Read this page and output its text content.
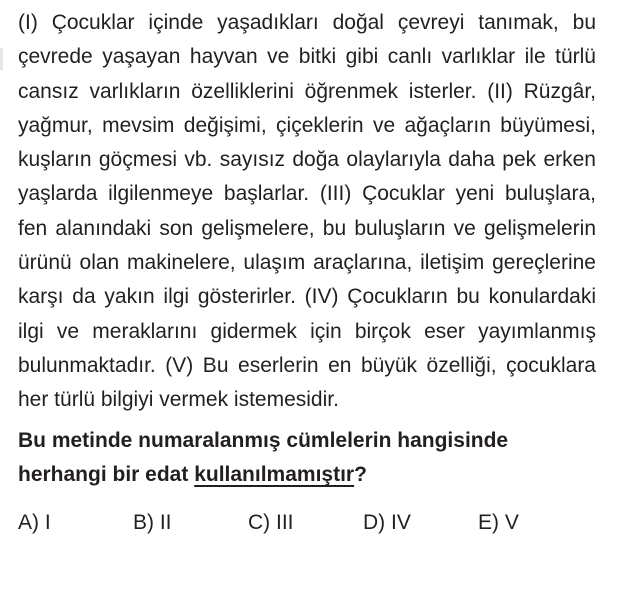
(I) Çocuklar içinde yaşadıkları doğal çevreyi tanımak, bu çevrede yaşayan hayvan ve bitki gibi canlı varlıklar ile türlü cansız varlıkların özelliklerini öğrenmek isterler. (II) Rüzgâr, yağmur, mevsim değişimi, çiçeklerin ve ağaçların büyümesi, kuşların göçmesi vb. sayısız doğa olaylarıyla daha pek erken yaşlarda ilgilenmeye başlarlar. (III) Çocuklar yeni buluşlara, fen alanındaki son gelişmelere, bu buluşların ve gelişmelerin ürünü olan makinelere, ulaşım araçlarına, iletişim gereçlerine karşı da yakın ilgi gösterirler. (IV) Çocukların bu konulardaki ilgi ve meraklarını gidermek için birçok eser yayımlanmış bulunmaktadır. (V) Bu eserlerin en büyük özelliği, çocuklara her türlü bilgiyi vermek istemesidir.

Bu metinde numaralanmış cümlelerin hangisinde herhangi bir edat kullanılmamıştır?

A) I	B) II	C) III	D) IV	E) V
